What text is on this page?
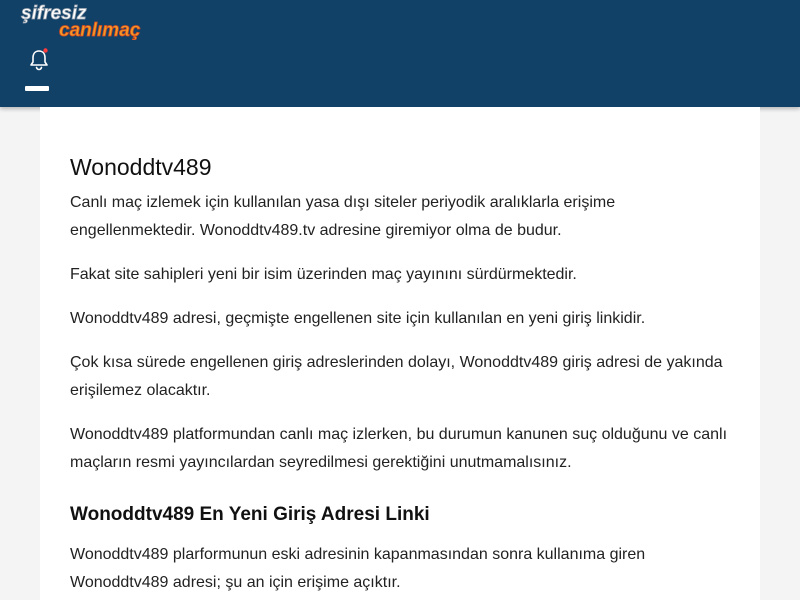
şifresiz
canlımaç
Wonoddtv489

Canlı maç izlemek için kullanılan yasa dışı siteler periyodik aralıklarla erişime engellenmektedir. Wonoddtv489.tv adresine giremiyor olma de budur.

Fakat site sahipleri yeni bir isim üzerinden maç yayınını sürdürmektedir.

Wonoddtv489 adresi, geçmişte engellenen site için kullanılan en yeni giriş linkidir.

Çok kısa sürede engellenen giriş adreslerinden dolayı, Wonoddtv489 giriş adresi de yakında erişilemez olacaktır.

Wonoddtv489 platformundan canlı maç izlerken, bu durumun kanunen suç olduğunu ve canlı maçların resmi yayıncılardan seyredilmesi gerektiğini unutmamalısınız.

Wonoddtv489 En Yeni Giriş Adresi Linki

Wonoddtv489 plarformunun eski adresinin kapanmasından sonra kullanıma giren Wonoddtv489 adresi; şu an için erişime açıktır.
